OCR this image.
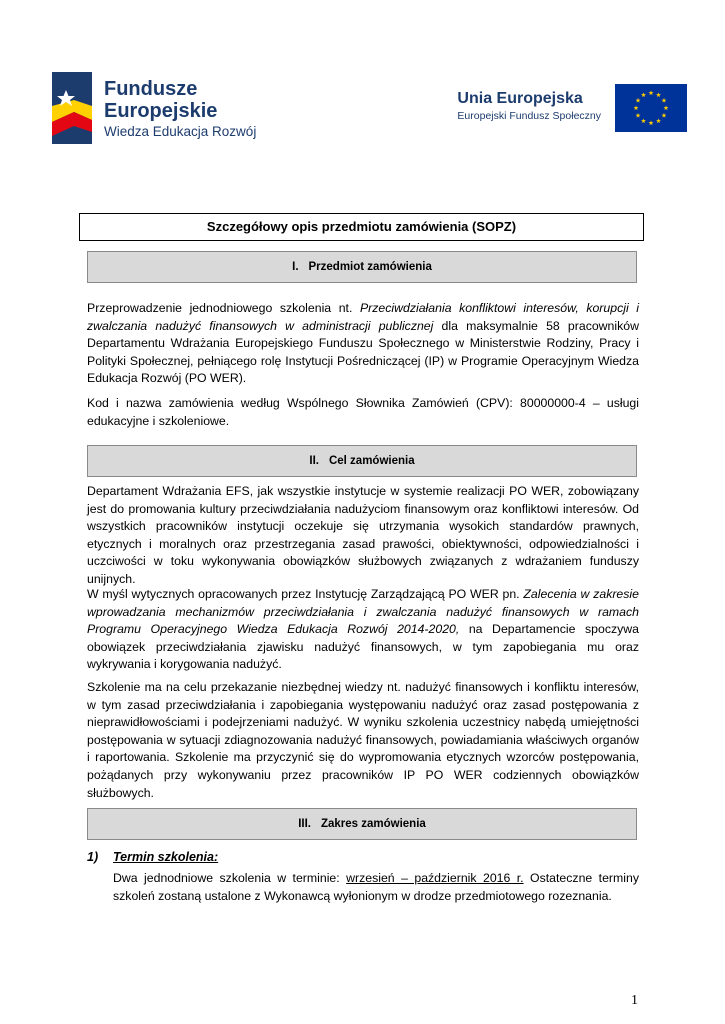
Fundusze
Europejskie
Wiedza Edukacja Rozwój
Unia Europejska
Europejski Fundusz Społeczny
Szczegółowy opis przedmiotu zamówienia (SOPZ)
I. Przedmiot zamówienia

Przeprowadzenie jednodniowego szkolenia nt. Przeciwdziałania konfliktowi interesów, korupcji i zwalczania nadużyć finansowych w administracji publicznej dla maksymalnie 58 pracowników Departamentu Wdrażania Europejskiego Funduszu Społecznego w Ministerstwie Rodziny, Pracy i Polityki Społecznej, pełniącego rolę Instytucji Pośredniczącej (IP) w Programie Operacyjnym Wiedza Edukacja Rozwój (PO WER).

Kod i nazwa zamówienia według Wspólnego Słownika Zamówień (CPV): 80000000-4 – usługi edukacyjne i szkoleniowe.

II. Cel zamówienia

Departament Wdrażania EFS, jak wszystkie instytucje w systemie realizacji PO WER, zobowiązany jest do promowania kultury przeciwdziałania nadużyciom finansowym oraz konfliktowi interesów. Od wszystkich pracowników instytucji oczekuje się utrzymania wysokich standardów prawnych, etycznych i moralnych oraz przestrzegania zasad prawości, obiektywności, odpowiedzialności i uczciwości w toku wykonywania obowiązków służbowych związanych z wdrażaniem funduszy unijnych.

W myśl wytycznych opracowanych przez Instytucję Zarządzającą PO WER pn. Zalecenia w zakresie wprowadzania mechanizmów przeciwdziałania i zwalczania nadużyć finansowych w ramach Programu Operacyjnego Wiedza Edukacja Rozwój 2014-2020, na Departamencie spoczywa obowiązek przeciwdziałania zjawisku nadużyć finansowych, w tym zapobiegania mu oraz wykrywania i korygowania nadużyć.

Szkolenie ma na celu przekazanie niezbędnej wiedzy nt. nadużyć finansowych i konfliktu interesów, w tym zasad przeciwdziałania i zapobiegania występowaniu nadużyć oraz zasad postępowania z nieprawidłowościami i podejrzeniami nadużyć. W wyniku szkolenia uczestnicy nabędą umiejętności postępowania w sytuacji zdiagnozowania nadużyć finansowych, powiadamiania właściwych organów i raportowania. Szkolenie ma przyczynić się do wypromowania etycznych wzorców postępowania, pożądanych przy wykonywaniu przez pracowników IP PO WER codziennych obowiązków służbowych.

III. Zakres zamówienia
1) Termin szkolenia:

Dwa jednodniowe szkolenia w terminie: wrzesień – październik 2016 r. Ostateczne terminy szkoleń zostaną ustalone z Wykonawcą wyłonionym w drodze przedmiotowego rozeznania.

1
